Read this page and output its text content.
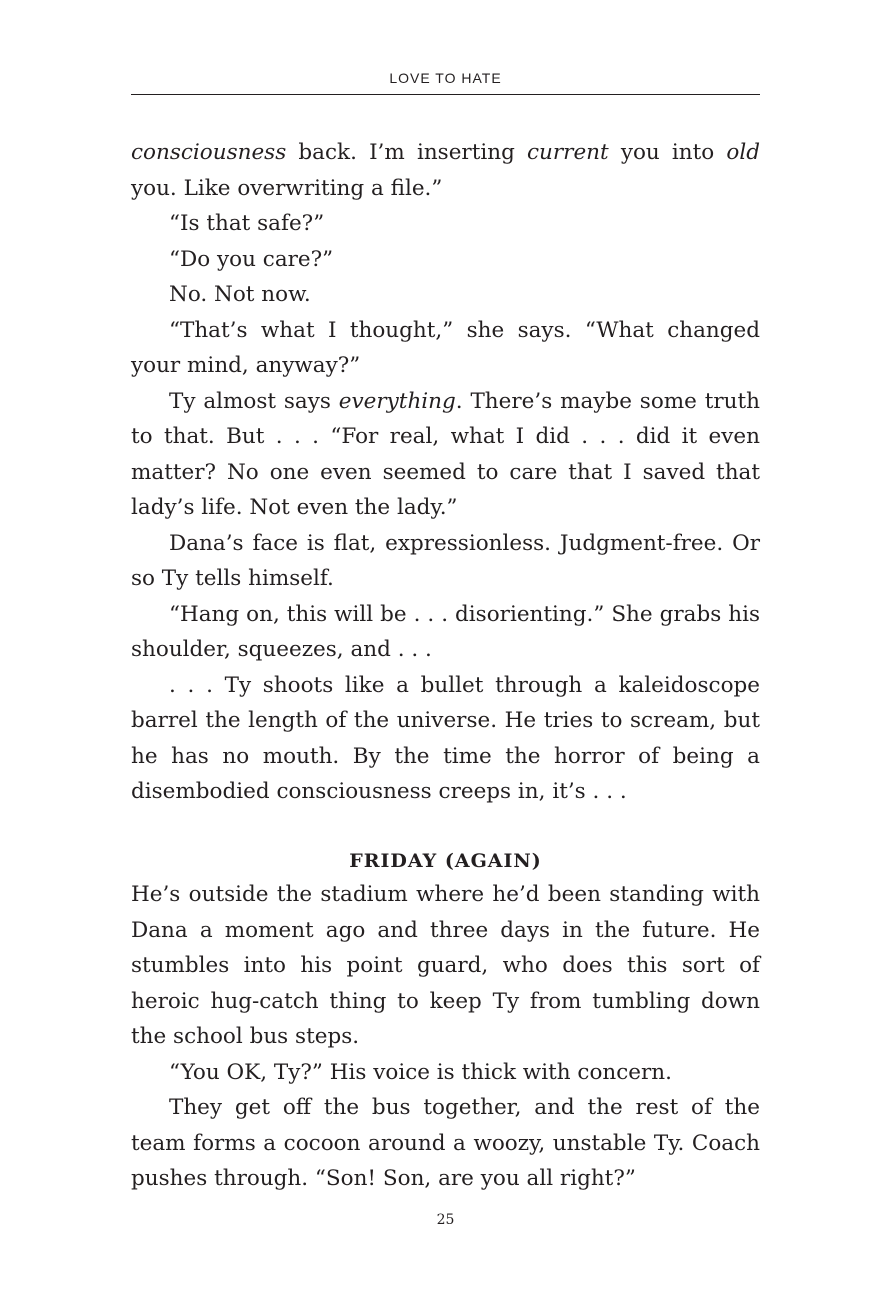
LOVE TO HATE

consciousness back. I’m inserting current you into old you. Like overwriting a file.”

“Is that safe?”

“Do you care?”

No. Not now.

“That’s what I thought,” she says. “What changed your mind, anyway?”

Ty almost says everything. There’s maybe some truth to that. But . . . “For real, what I did . . . did it even matter? No one even seemed to care that I saved that lady’s life. Not even the lady.”

Dana’s face is flat, expressionless. Judgment-free. Or so Ty tells himself.

“Hang on, this will be . . . disorienting.” She grabs his shoulder, squeezes, and . . .

. . . Ty shoots like a bullet through a kaleidoscope barrel the length of the universe. He tries to scream, but he has no mouth. By the time the horror of being a disembodied consciousness creeps in, it’s . . .

FRIDAY (AGAIN)

He’s outside the stadium where he’d been standing with Dana a moment ago and three days in the future. He stumbles into his point guard, who does this sort of heroic hug-catch thing to keep Ty from tumbling down the school bus steps.

“You OK, Ty?” His voice is thick with concern.

They get off the bus together, and the rest of the team forms a cocoon around a woozy, unstable Ty. Coach pushes through. “Son! Son, are you all right?”

25
